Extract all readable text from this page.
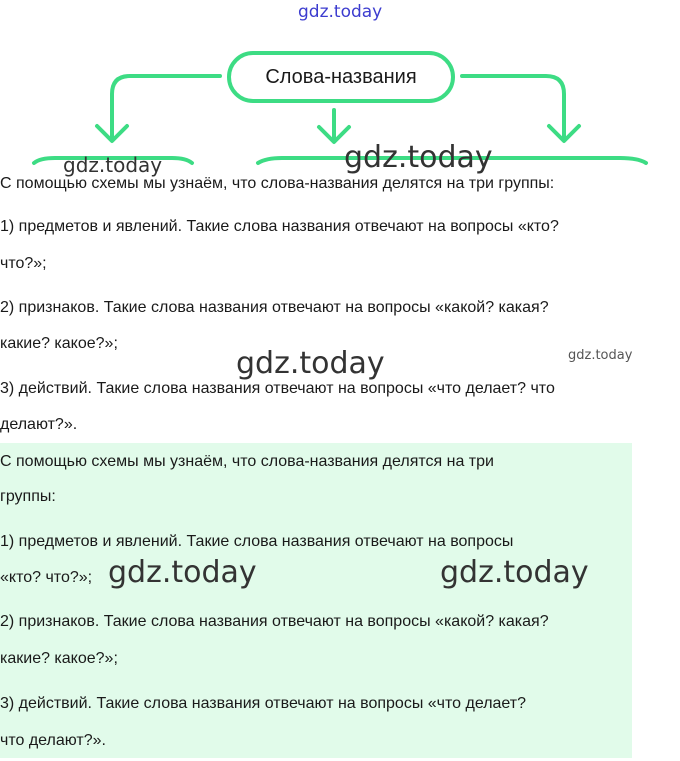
gdz.today
Слова-названия

С помощью схемы мы узнаём, что слова-названия делятся на три группы:

1) предметов и явлений. Такие слова названия отвечают на вопросы «кто?

что?»;

2) признаков. Такие слова названия отвечают на вопросы «какой? какая?

какие? какое?»;

3) действий. Такие слова названия отвечают на вопросы «что делает? что

делают?».

С помощью схемы мы узнаём, что слова-названия делятся на три

группы:

1) предметов и явлений. Такие слова названия отвечают на вопросы

«кто? что?»;

2) признаков. Такие слова названия отвечают на вопросы «какой? какая?

какие? какое?»;

3) действий. Такие слова названия отвечают на вопросы «что делает?

что делают?».

gdz.today	gdz.today
gdz.today	gdz.today
gdz.today	gdz.today
